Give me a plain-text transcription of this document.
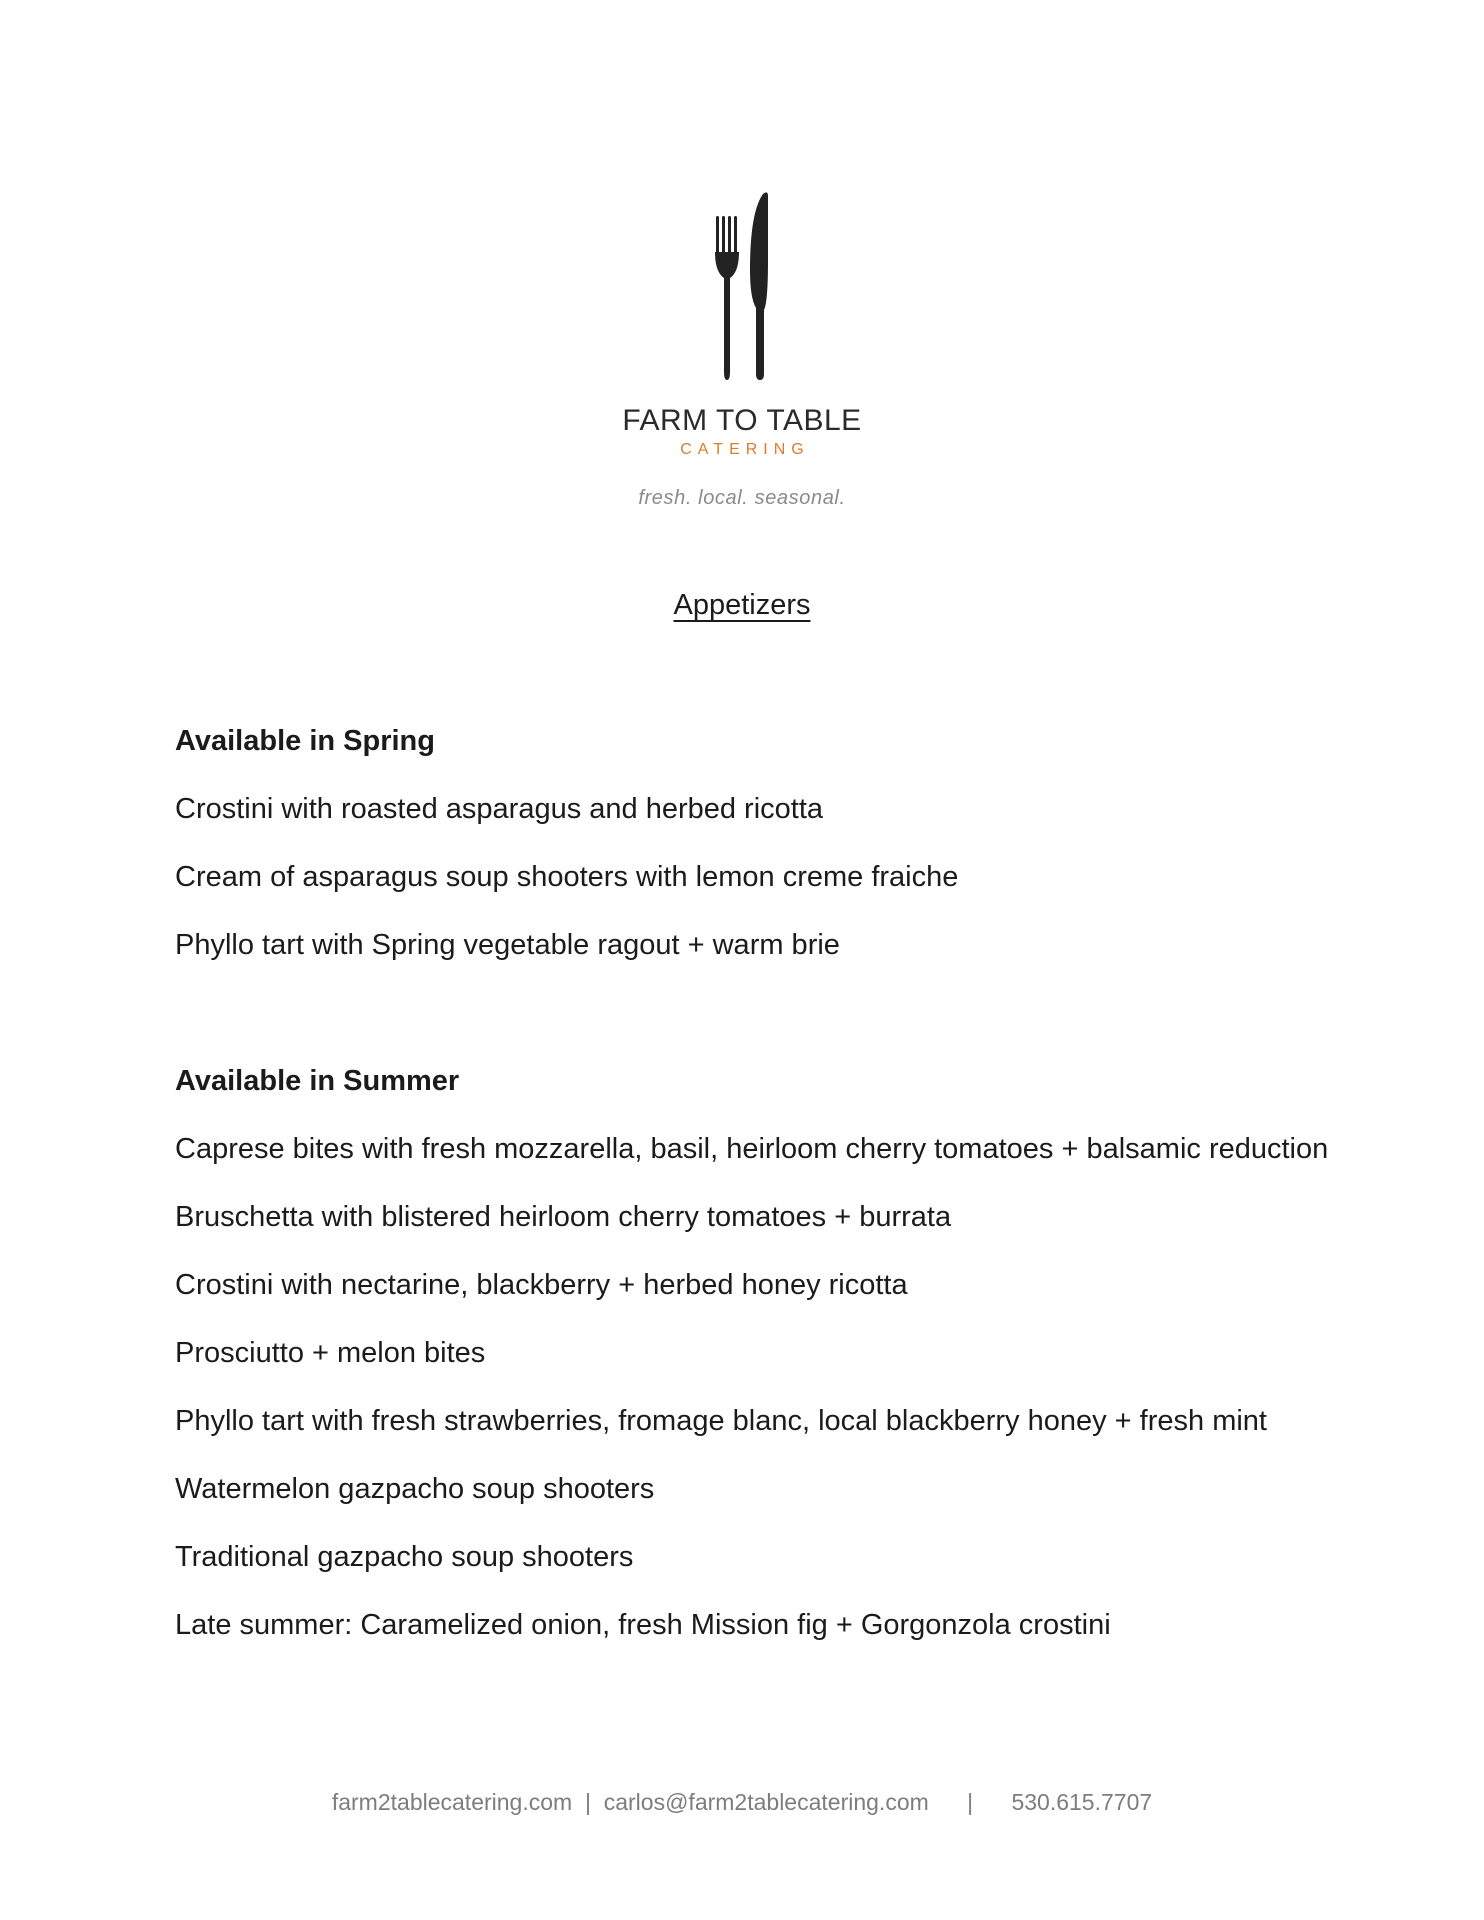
FARM TO TABLE
CATERING
fresh. local. seasonal.
Appetizers

Available in Spring

Crostini with roasted asparagus and herbed ricotta

Cream of asparagus soup shooters with lemon creme fraiche

Phyllo tart with Spring vegetable ragout + warm brie

Available in Summer

Caprese bites with fresh mozzarella, basil, heirloom cherry tomatoes + balsamic reduction

Bruschetta with blistered heirloom cherry tomatoes + burrata

Crostini with nectarine, blackberry + herbed honey ricotta

Prosciutto + melon bites

Phyllo tart with fresh strawberries, fromage blanc, local blackberry honey + fresh mint

Watermelon gazpacho soup shooters

Traditional gazpacho soup shooters

Late summer: Caramelized onion, fresh Mission fig + Gorgonzola crostini

farm2tablecatering.com | carlos@farm2tablecatering.com | 530.615.7707
